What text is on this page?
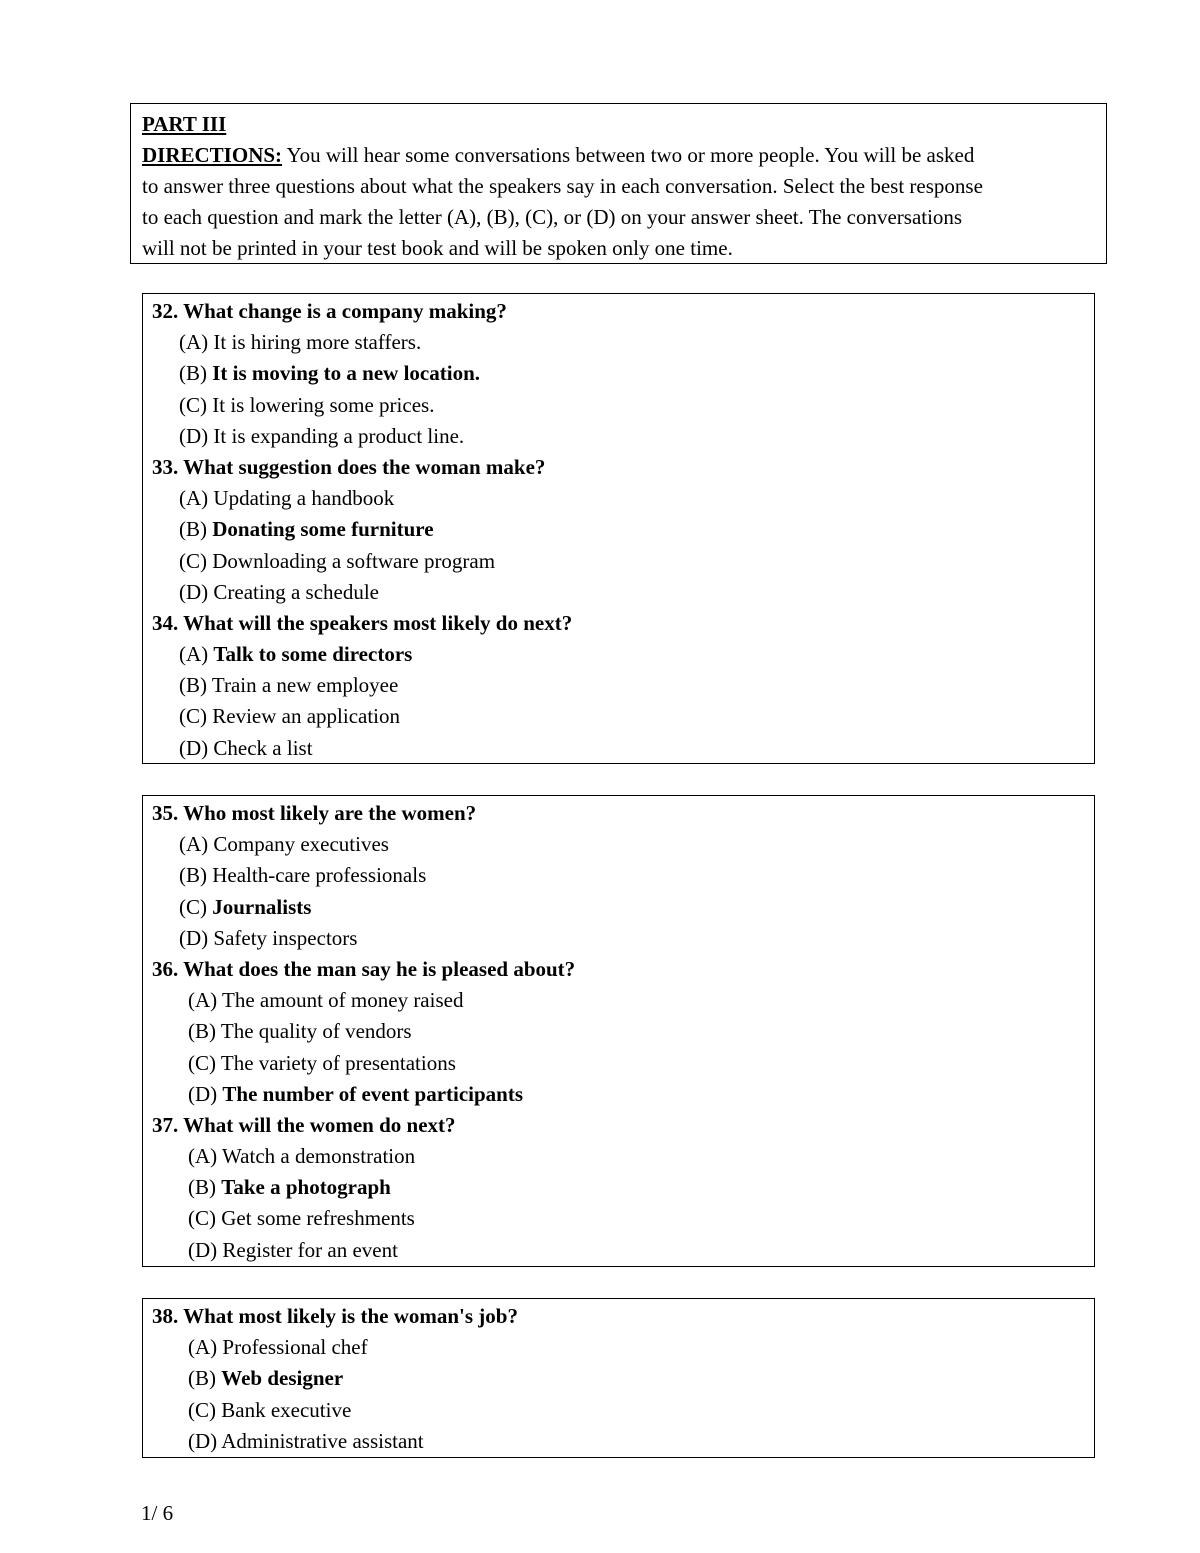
PART III
DIRECTIONS: You will hear some conversations between two or more people. You will be asked
to answer three questions about what the speakers say in each conversation. Select the best response
to each question and mark the letter (A), (B), (C), or (D) on your answer sheet. The conversations
will not be printed in your test book and will be spoken only one time.
32. What change is a company making?
(A) It is hiring more staffers.
(B) It is moving to a new location.
(C) It is lowering some prices.
(D) It is expanding a product line.
33. What suggestion does the woman make?
(A) Updating a handbook
(B) Donating some furniture
(C) Downloading a software program
(D) Creating a schedule
34. What will the speakers most likely do next?
(A) Talk to some directors
(B) Train a new employee
(C) Review an application
(D) Check a list
35. Who most likely are the women?
(A) Company executives
(B) Health-care professionals
(C) Journalists
(D) Safety inspectors
36. What does the man say he is pleased about?
(A) The amount of money raised
(B) The quality of vendors
(C) The variety of presentations
(D) The number of event participants
37. What will the women do next?
(A) Watch a demonstration
(B) Take a photograph
(C) Get some refreshments
(D) Register for an event
38. What most likely is the woman's job?
(A) Professional chef
(B) Web designer
(C) Bank executive
(D) Administrative assistant
1/ 6
